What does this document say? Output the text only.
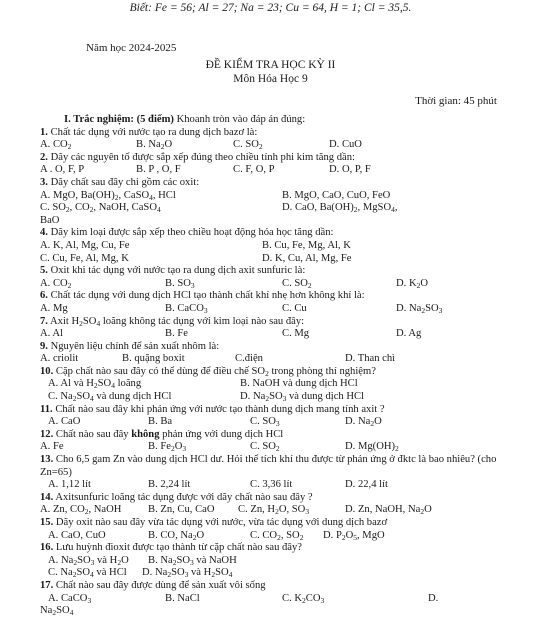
Biết: Fe = 56; Al = 27; Na = 23; Cu = 64, H = 1; Cl = 35,5.
Năm học 2024-2025
ĐỀ KIỂM TRA HỌC KỲ II
Môn Hóa Học 9
Thời gian: 45 phút
I. Trắc nghiệm: (5 điểm) Khoanh tròn vào đáp án đúng:
1. Chất tác dụng với nước tạo ra dung dịch bazơ là:
A. $CO_2$	B. $Na_2O$	C. $SO_2$	D. CuO
2. Dãy các nguyên tố được sắp xếp đúng theo chiều tính phi kim tăng dần:
A . O, F, P	B. P , O, F	C. F, O, P	D. O, P, F
3. Dãy chất sau đây chỉ gồm các oxit:
A. MgO, $Ba(OH)_2$, CaSO$_4$, HCl	B. MgO, CaO, CuO, FeO
C. $SO_2$, $CO_2$, NaOH, CaSO$_4$	D. CaO, $Ba(OH)_2$, MgSO$_4$,
BaO
4. Dãy kim loại được sắp xếp theo chiều hoạt động hóa học tăng dần:
A. K, Al, Mg, Cu, Fe	B. Cu, Fe, Mg, Al, K
C. Cu, Fe, Al, Mg, K	D. K, Cu, Al, Mg, Fe
5. Oxit khi tác dụng với nước tạo ra dung dịch axit sunfuric là:
A. $CO_2$	B. $SO_3$	C. $SO_2$	D. $K_2O$
6. Chất tác dụng với dung dịch HCl tạo thành chất khí nhẹ hơn không khí là:
A. Mg	B. CaCO$_3$	C. Cu	D. $Na_2SO_3$
7. Axit $H_2SO_4$ loãng không tác dụng với kim loại nào sau đây:
A. Al	B. Fe	C. Mg	D. Ag
9. Nguyên liệu chính để sản xuất nhôm là:
A. criolit	B. quặng boxit	C.điện	D. Than chì
10. Cặp chất nào sau đây có thể dùng để điều chế $SO_2$ trong phòng thí nghiệm?
A. Al và $H_2SO_4$ loãng	B. NaOH và dung dịch HCl
C. $Na_2SO_4$ và dung dịch HCl	D. $Na_2SO_3$ và dung dịch HCl
11. Chất nào sau đây khi phản ứng với nước tạo thành dung dịch mang tính axit ?
A. CaO	B. Ba	C. $SO_3$	D. $Na_2O$
12. Chất nào sau đây không phản ứng với dung dịch HCl
A. Fe	B. $Fe_2O_3$	C. $SO_2$	D. $Mg(OH)_2$
13. Cho 6,5 gam Zn vào dung dịch HCl dư. Hỏi thể tích khí thu được từ phản ứng ở đktc là bao nhiêu? (cho Zn=65)
A. 1,12 lít	B. 2,24 lít	C. 3,36 lít	D. 22,4 lít
14. Axitsunfuric loãng tác dụng được với dãy chất nào sau đây ?
A. Zn, $CO_2$, NaOH	B. Zn, Cu, CaO C. Zn, $H_2O$, $SO_3$	D. Zn, NaOH, $Na_2O$
15. Dãy oxit nào sau đây vừa tác dụng với nước, vừa tác dụng với dung dịch bazơ
A. CaO, CuO	B. CO, $Na_2O$	C. $CO_2$, $SO_2$ D. $P_2O_5$, MgO
16. Lưu huỳnh đioxit được tạo thành từ cặp chất nào sau đây?
A. $Na_2SO_3$ và $H_2O$ B. $Na_2SO_3$ và NaOH
C. $Na_2SO_4$ và HCl D. $Na_2SO_3$ và $H_2SO_4$
17. Chất nào sau đây được dùng để sản xuất vôi sống
A. CaCO$_3$	B. NaCl	C. $K_2CO_3$	D.
$Na_2SO_4$
